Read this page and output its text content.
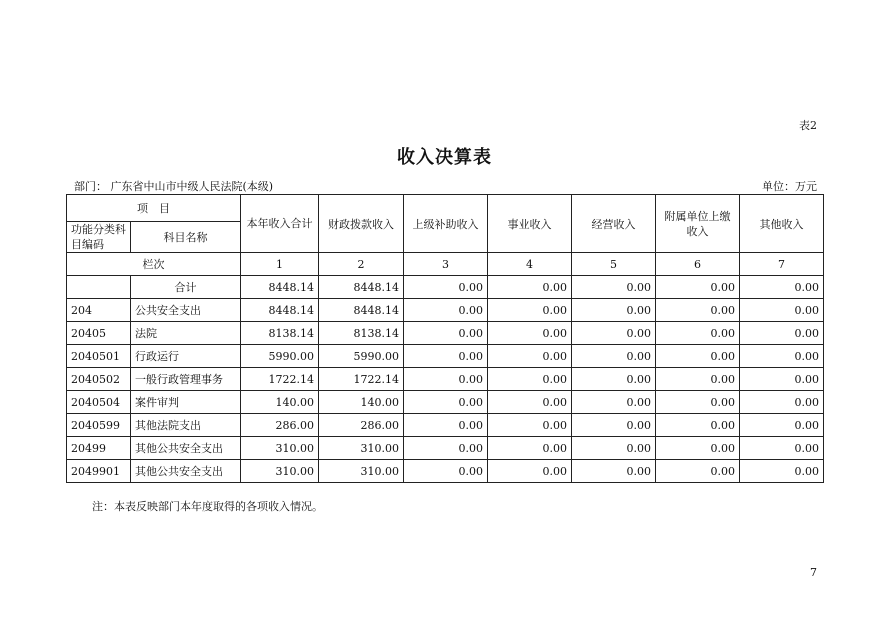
表2
收入决算表
部门： 广东省中山市中级人民法院(本级)	单位：万元
项　目		本年收入合计	财政拨款收入	上级补助收入	事业收入	经营收入	附属单位上缴收入	其他收入
功能分类科目编码	科目名称							
栏次		1	2	3	4	5	6	7
	合计	8448.14	8448.14	0.00	0.00	0.00	0.00	0.00
204	公共安全支出	8448.14	8448.14	0.00	0.00	0.00	0.00	0.00
20405	法院	8138.14	8138.14	0.00	0.00	0.00	0.00	0.00
2040501	行政运行	5990.00	5990.00	0.00	0.00	0.00	0.00	0.00
2040502	一般行政管理事务	1722.14	1722.14	0.00	0.00	0.00	0.00	0.00
2040504	案件审判	140.00	140.00	0.00	0.00	0.00	0.00	0.00
2040599	其他法院支出	286.00	286.00	0.00	0.00	0.00	0.00	0.00
20499	其他公共安全支出	310.00	310.00	0.00	0.00	0.00	0.00	0.00
2049901	其他公共安全支出	310.00	310.00	0.00	0.00	0.00	0.00	0.00
注：本表反映部门本年度取得的各项收入情况。
7
